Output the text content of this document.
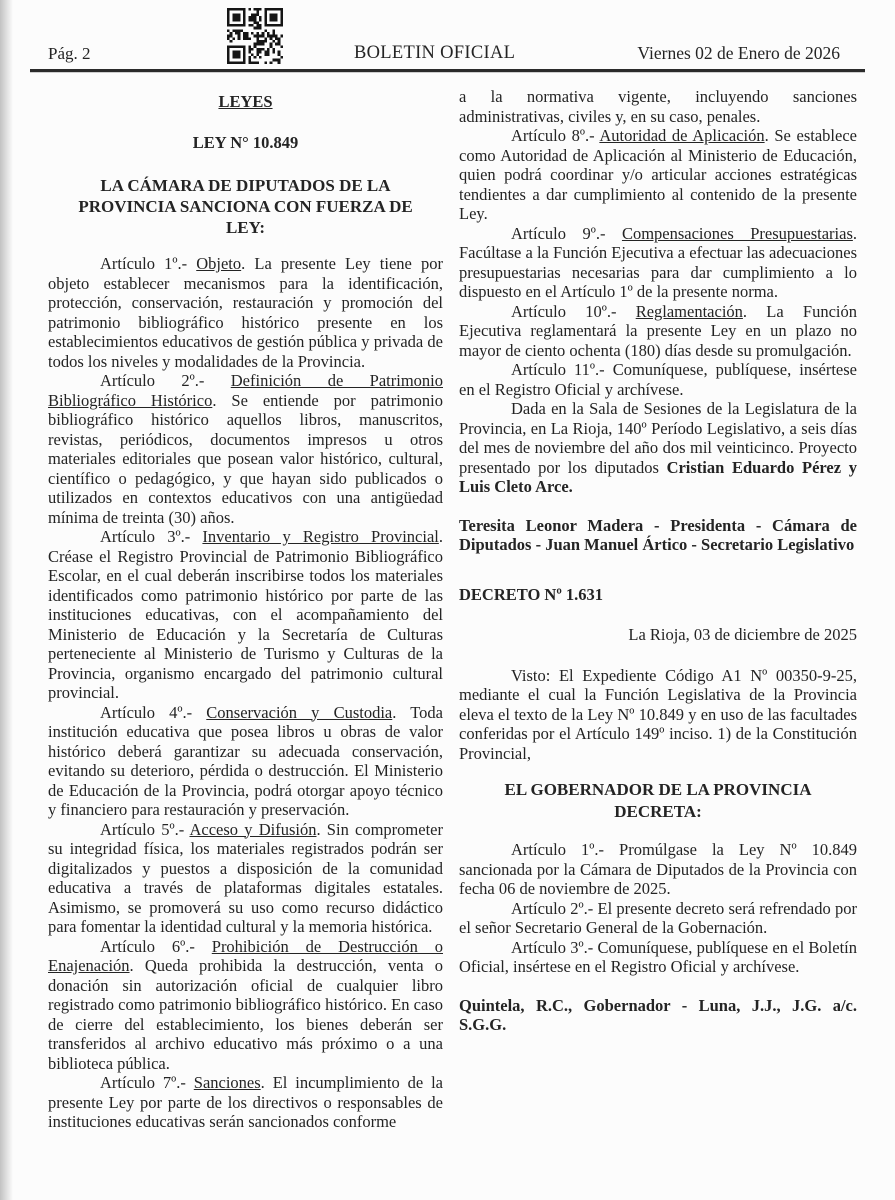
Pág. 2	BOLETIN OFICIAL	Viernes 02 de Enero de 2026
LEYES
LEY N° 10.849
LA CÁMARA DE DIPUTADOS DE LA
PROVINCIA SANCIONA CON FUERZA DE
LEY:
Artículo 1º.- Objeto. La presente Ley tiene por objeto establecer mecanismos para la identificación, protección, conservación, restauración y promoción del patrimonio bibliográfico histórico presente en los establecimientos educativos de gestión pública y privada de todos los niveles y modalidades de la Provincia.
Artículo 2º.- Definición de Patrimonio Bibliográfico Histórico. Se entiende por patrimonio bibliográfico histórico aquellos libros, manuscritos, revistas, periódicos, documentos impresos u otros materiales editoriales que posean valor histórico, cultural, científico o pedagógico, y que hayan sido publicados o utilizados en contextos educativos con una antigüedad mínima de treinta (30) años.
Artículo 3º.- Inventario y Registro Provincial. Créase el Registro Provincial de Patrimonio Bibliográfico Escolar, en el cual deberán inscribirse todos los materiales identificados como patrimonio histórico por parte de las instituciones educativas, con el acompañamiento del Ministerio de Educación y la Secretaría de Culturas perteneciente al Ministerio de Turismo y Culturas de la Provincia, organismo encargado del patrimonio cultural provincial.
Artículo 4º.- Conservación y Custodia. Toda institución educativa que posea libros u obras de valor histórico deberá garantizar su adecuada conservación, evitando su deterioro, pérdida o destrucción. El Ministerio de Educación de la Provincia, podrá otorgar apoyo técnico y financiero para restauración y preservación.
Artículo 5º.- Acceso y Difusión. Sin comprometer su integridad física, los materiales registrados podrán ser digitalizados y puestos a disposición de la comunidad educativa a través de plataformas digitales estatales. Asimismo, se promoverá su uso como recurso didáctico para fomentar la identidad cultural y la memoria histórica.
Artículo 6º.- Prohibición de Destrucción o Enajenación. Queda prohibida la destrucción, venta o donación sin autorización oficial de cualquier libro registrado como patrimonio bibliográfico histórico. En caso de cierre del establecimiento, los bienes deberán ser transferidos al archivo educativo más próximo o a una biblioteca pública.
Artículo 7º.- Sanciones. El incumplimiento de la presente Ley por parte de los directivos o responsables de instituciones educativas serán sancionados conforme
a la normativa vigente, incluyendo sanciones administrativas, civiles y, en su caso, penales.
Artículo 8º.- Autoridad de Aplicación. Se establece como Autoridad de Aplicación al Ministerio de Educación, quien podrá coordinar y/o articular acciones estratégicas tendientes a dar cumplimiento al contenido de la presente Ley.
Artículo 9º.- Compensaciones Presupuestarias. Facúltase a la Función Ejecutiva a efectuar las adecuaciones presupuestarias necesarias para dar cumplimiento a lo dispuesto en el Artículo 1º de la presente norma.
Artículo 10º.- Reglamentación. La Función Ejecutiva reglamentará la presente Ley en un plazo no mayor de ciento ochenta (180) días desde su promulgación.
Artículo 11º.- Comuníquese, publíquese, insértese en el Registro Oficial y archívese.
Dada en la Sala de Sesiones de la Legislatura de la Provincia, en La Rioja, 140º Período Legislativo, a seis días del mes de noviembre del año dos mil veinticinco. Proyecto presentado por los diputados Cristian Eduardo Pérez y Luis Cleto Arce.
Teresita Leonor Madera - Presidenta - Cámara de Diputados - Juan Manuel Ártico - Secretario Legislativo
DECRETO Nº 1.631
La Rioja, 03 de diciembre de 2025
Visto: El Expediente Código A1 Nº 00350-9-25, mediante el cual la Función Legislativa de la Provincia eleva el texto de la Ley Nº 10.849 y en uso de las facultades conferidas por el Artículo 149º inciso. 1) de la Constitución Provincial,
EL GOBERNADOR DE LA PROVINCIA
DECRETA:
Artículo 1º.- Promúlgase la Ley Nº 10.849 sancionada por la Cámara de Diputados de la Provincia con fecha 06 de noviembre de 2025.
Artículo 2º.- El presente decreto será refrendado por el señor Secretario General de la Gobernación.
Artículo 3º.- Comuníquese, publíquese en el Boletín Oficial, insértese en el Registro Oficial y archívese.
Quintela, R.C., Gobernador - Luna, J.J., J.G. a/c. S.G.G.
